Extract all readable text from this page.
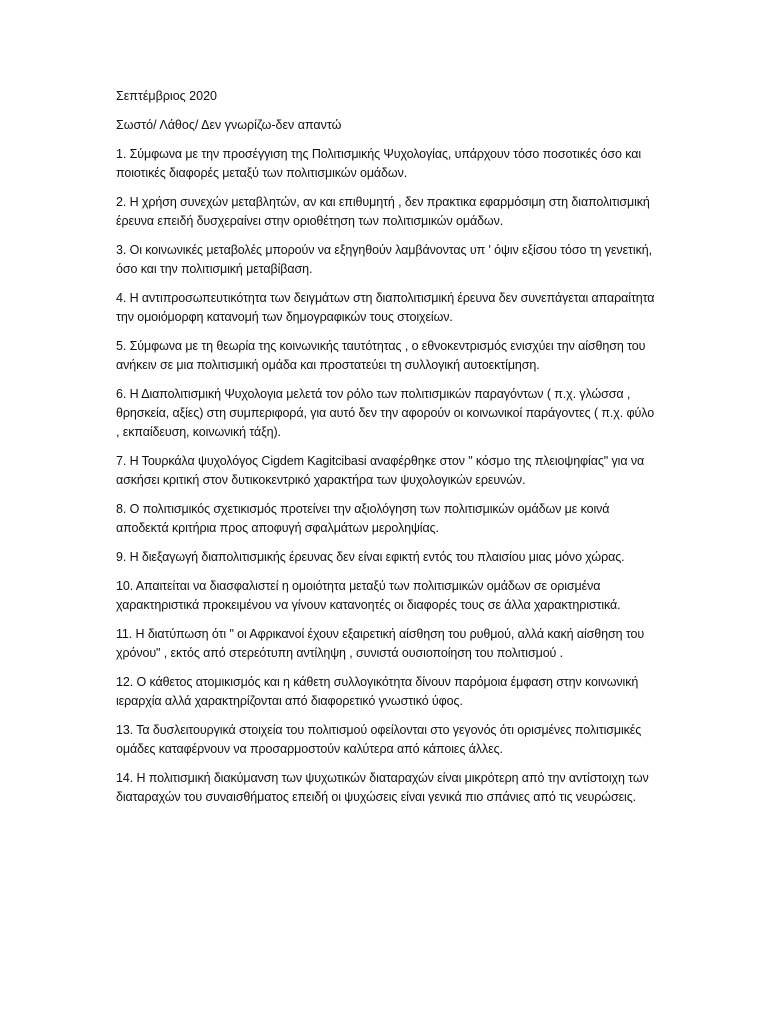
Σεπτέμβριος 2020

Σωστό/ Λάθος/ Δεν γνωρίζω-δεν απαντώ

1. Σύμφωνα με την προσέγγιση της Πολιτισμικής Ψυχολογίας, υπάρχουν τόσο ποσοτικές όσο και ποιοτικές διαφορές μεταξύ των πολιτισμικών ομάδων.

2. Η χρήση συνεχών μεταβλητών, αν και επιθυμητή , δεν πρακτικα εφαρμόσιμη στη διαπολιτισμική έρευνα επειδή δυσχεραίνει στην οριοθέτηση των πολιτισμικών ομάδων.

3. Οι κοινωνικές μεταβολές μπορούν να εξηγηθούν λαμβάνοντας υπ ' όψιν εξίσου τόσο τη γενετική, όσο και την πολιτισμική μεταβίβαση.

4. Η αντιπροσωπευτικότητα των δειγμάτων στη διαπολιτισμική έρευνα δεν συνεπάγεται απαραίτητα την ομοιόμορφη κατανομή των δημογραφικών τους στοιχείων.

5. Σύμφωνα με τη θεωρία της κοινωνικής ταυτότητας , ο εθνοκεντρισμός ενισχύει την αίσθηση του ανήκειν σε μια πολιτισμική ομάδα και προστατεύει τη συλλογική αυτοεκτίμηση.

6. Η Διαπολιτισμική Ψυχολογια μελετά τον ρόλο των πολιτισμικών παραγόντων ( π.χ. γλώσσα , θρησκεία, αξίες) στη συμπεριφορά, για αυτό δεν την αφορούν οι κοινωνικοί παράγοντες ( π.χ. φύλο , εκπαίδευση, κοινωνική τάξη).

7. Η Τουρκάλα ψυχολόγος Cigdem Kagitcibasi αναφέρθηκε στον " κόσμο της πλειοψηφίας" για να ασκήσει κριτική στον δυτικοκεντρικό χαρακτήρα των ψυχολογικών ερευνών.

8. Ο πολιτισμικός σχετικισμός προτείνει την αξιολόγηση των πολιτισμικών ομάδων με κοινά αποδεκτά κριτήρια προς αποφυγή σφαλμάτων μεροληψίας.

9. Η διεξαγωγή διαπολιτισμικής έρευνας δεν είναι εφικτή εντός του πλαισίου μιας μόνο χώρας.

10. Απαιτείται να διασφαλιστεί η ομοιότητα μεταξύ των πολιτισμικών ομάδων σε ορισμένα χαρακτηριστικά προκειμένου να γίνουν κατανοητές οι διαφορές τους σε άλλα χαρακτηριστικά.

11. Η διατύπωση ότι " οι Αφρικανοί έχουν εξαιρετική αίσθηση του ρυθμού, αλλά κακή αίσθηση του χρόνου" , εκτός από στερεότυπη αντίληψη , συνιστά ουσιοποίηση του πολιτισμού .

12. Ο κάθετος ατομικισμός και η κάθετη συλλογικότητα δίνουν παρόμοια έμφαση στην κοινωνική ιεραρχία αλλά χαρακτηρίζονται από διαφορετικό γνωστικό ύφος.

13. Τα δυσλειτουργικά στοιχεία του πολιτισμού οφείλονται στο γεγονός ότι ορισμένες πολιτισμικές ομάδες καταφέρνουν να προσαρμοστούν καλύτερα από κάποιες άλλες.

14. Η πολιτισμική διακύμανση των ψυχωτικών διαταραχών είναι μικρότερη από την αντίστοιχη των διαταραχών του συναισθήματος επειδή οι ψυχώσεις είναι γενικά πιο σπάνιες από τις νευρώσεις.
